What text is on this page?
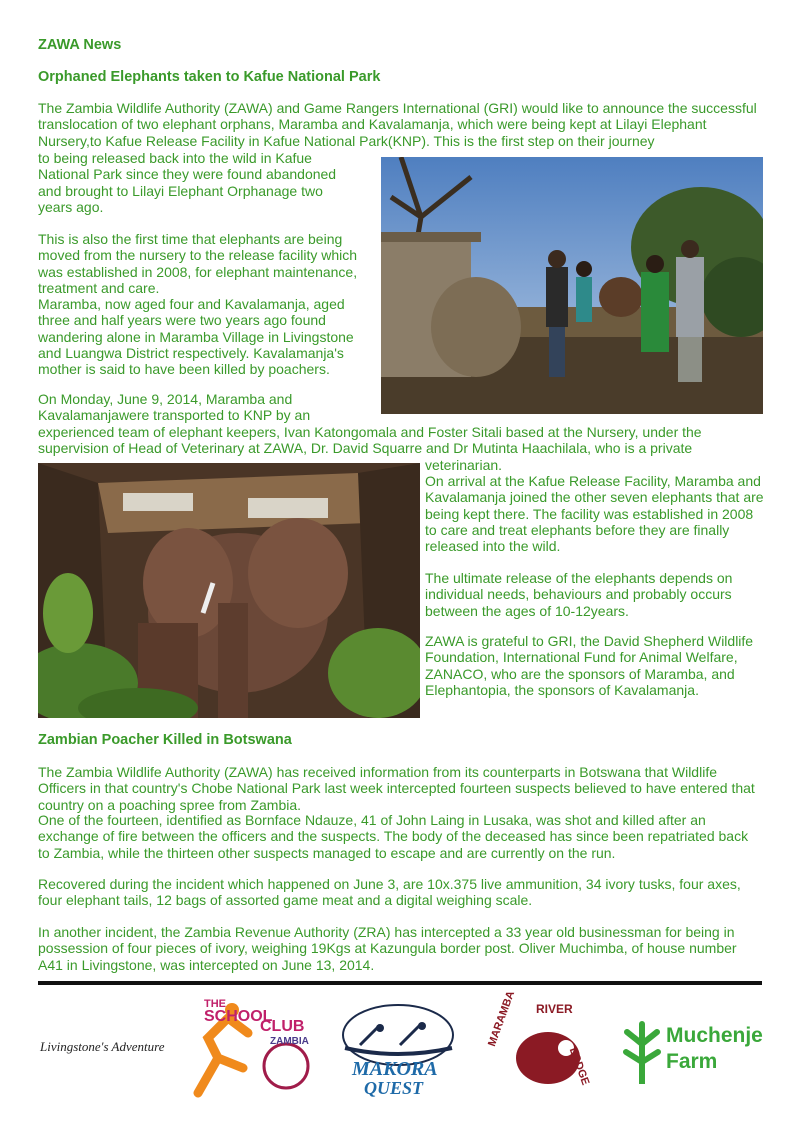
ZAWA News
Orphaned Elephants taken to Kafue National Park

The Zambia Wildlife Authority (ZAWA) and Game Rangers International (GRI) would like to announce the successful translocation of two elephant orphans, Maramba and Kavalamanja, which were being kept at Lilayi Elephant Nursery,to Kafue Release Facility in Kafue National Park(KNP). This is the first step on their journey

to being released back into the wild in Kafue National Park since they were found abandoned and brought to Lilayi Elephant Orphanage two years ago.

This is also the first time that elephants are being moved from the nursery to the release facility which was established in 2008, for elephant maintenance, treatment and care.

Maramba, now aged four and Kavalamanja, aged three and half years were two years ago found wandering alone in Maramba Village in Livingstone and Luangwa District respectively. Kavalamanja's mother is said to have been killed by poachers.

On Monday, June 9, 2014, Maramba and Kavalamanjawere transported to KNP by an

experienced team of elephant keepers, Ivan Katongomala and Foster Sitali based at the Nursery, under the supervision of Head of Veterinary at ZAWA, Dr. David Squarre and Dr Mutinta Haachilala, who is a private

veterinarian.

On arrival at the Kafue Release Facility, Maramba and Kavalamanja joined the other seven elephants that are being kept there. The facility was established in 2008 to care and treat elephants before they are finally released into the wild.

The ultimate release of the elephants depends on individual needs, behaviours and probably occurs between the ages of 10-12years.

ZAWA is grateful to GRI, the David Shepherd Wildlife Foundation, International Fund for Animal Welfare, ZANACO, who are the sponsors of Maramba, and Elephantopia, the sponsors of Kavalamanja.

Zambian Poacher Killed in Botswana

The Zambia Wildlife Authority (ZAWA) has received information from its counterparts in Botswana that Wildlife Officers in that country's Chobe National Park last week intercepted fourteen suspects believed to have entered that country on a poaching spree from Zambia.

One of the fourteen, identified as Bornface Ndauze, 41 of John Laing in Lusaka, was shot and killed after an exchange of fire between the officers and the suspects. The body of the deceased has since been repatriated back to Zambia, while the thirteen other suspects managed to escape and are currently on the run.

Recovered during the incident which happened on June 3, are 10x.375 live ammunition, 34 ivory tusks, four axes, four elephant tails, 12 bags of assorted game meat and a digital weighing scale.

In another incident, the Zambia Revenue Authority (ZRA) has intercepted a 33 year old businessman for being in possession of four pieces of ivory, weighing 19Kgs at Kazungula border post. Oliver Muchimba, of house number A41 in Livingstone, was intercepted on June 13, 2014.

Livingstone's Adventure
THE
SCHOOL
CLUB
ZAMBIA
MAKORA
QUEST
MARAMBA RIVER
LODGE
Muchenje
Farm
